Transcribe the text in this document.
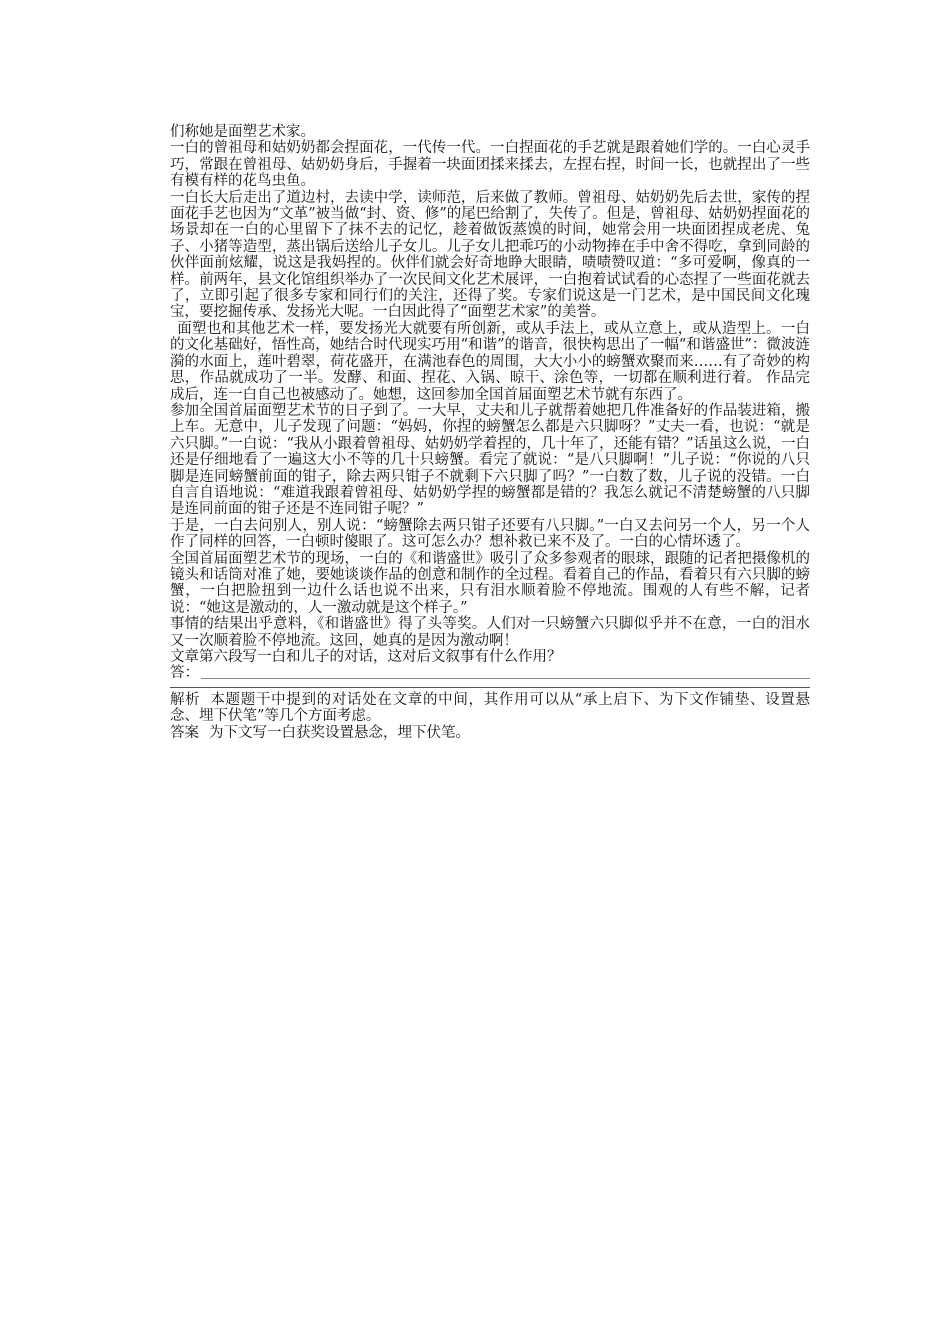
们称她是面塑艺术家。

一白的曾祖母和姑奶奶都会捏面花，一代传一代。一白捏面花的手艺就是跟着她们学的。一白心灵手巧，常跟在曾祖母、姑奶奶身后，手握着一块面团揉来揉去，左捏右捏，时间一长，也就捏出了一些有模有样的花鸟虫鱼。

一白长大后走出了道边村，去读中学，读师范，后来做了教师。曾祖母、姑奶奶先后去世，家传的捏面花手艺也因为“文革”被当做“封、资、修”的尾巴给割了，失传了。但是，曾祖母、姑奶奶捏面花的场景却在一白的心里留下了抹不去的记忆，趁着做饭蒸馍的时间，她常会用一块面团捏成老虎、兔子、小猪等造型，蒸出锅后送给儿子女儿。儿子女儿把乖巧的小动物捧在手中舍不得吃，拿到同龄的伙伴面前炫耀，说这是我妈捏的。伙伴们就会好奇地睁大眼睛，啧啧赞叹道：“多可爱啊，像真的一样。前两年，县文化馆组织举办了一次民间文化艺术展评，一白抱着试试看的心态捏了一些面花就去了，立即引起了很多专家和同行们的关注，还得了奖。专家们说这是一门艺术，是中国民间文化瑰宝，要挖掘传承、发扬光大呢。一白因此得了“面塑艺术家”的美誉。

面塑也和其他艺术一样，要发扬光大就要有所创新，或从手法上，或从立意上，或从造型上。一白的文化基础好，悟性高，她结合时代现实巧用“和谐”的谐音，很快构思出了一幅“和谐盛世”：微波涟漪的水面上，莲叶碧翠，荷花盛开，在满池春色的周围，大大小小的螃蟹欢聚而来……有了奇妙的构思，作品就成功了一半。发酵、和面、捏花、入锅、晾干、涂色等，一切都在顺利进行着。 作品完成后，连一白自己也被感动了。她想，这回参加全国首届面塑艺术节就有东西了。

参加全国首届面塑艺术节的日子到了。一大早，丈夫和儿子就帮着她把几件准备好的作品装进箱，搬上车。无意中，儿子发现了问题：“妈妈，你捏的螃蟹怎么都是六只脚呀？”丈夫一看，也说：“就是六只脚。”一白说：“我从小跟着曾祖母、姑奶奶学着捏的，几十年了，还能有错？”话虽这么说，一白还是仔细地看了一遍这大小不等的几十只螃蟹。看完了就说：“是八只脚啊！”儿子说：“你说的八只脚是连同螃蟹前面的钳子，除去两只钳子不就剩下六只脚了吗？”一白数了数，儿子说的没错。一白自言自语地说：“难道我跟着曾祖母、姑奶奶学捏的螃蟹都是错的？我怎么就记不清楚螃蟹的八只脚是连同前面的钳子还是不连同钳子呢？”

于是，一白去问别人，别人说：“螃蟹除去两只钳子还要有八只脚。”一白又去问另一个人，另一个人作了同样的回答，一白顿时傻眼了。这可怎么办？想补救已来不及了。一白的心情坏透了。

全国首届面塑艺术节的现场，一白的《和谐盛世》吸引了众多参观者的眼球，跟随的记者把摄像机的镜头和话筒对准了她，要她谈谈作品的创意和制作的全过程。看着自己的作品，看着只有六只脚的螃蟹，一白把脸扭到一边什么话也说不出来，只有泪水顺着脸不停地流。围观的人有些不解，记者说：“她这是激动的，人一激动就是这个样子。”

事情的结果出乎意料，《和谐盛世》得了头等奖。人们对一只螃蟹六只脚似乎并不在意，一白的泪水又一次顺着脸不停地流。这回，她真的是因为激动啊！

文章第六段写一白和儿子的对话，这对后文叙事有什么作用？

答：

解析 本题题干中提到的对话处在文章的中间，其作用可以从“承上启下、为下文作铺垫、设置悬念、埋下伏笔”等几个方面考虑。

答案 为下文写一白获奖设置悬念，埋下伏笔。
